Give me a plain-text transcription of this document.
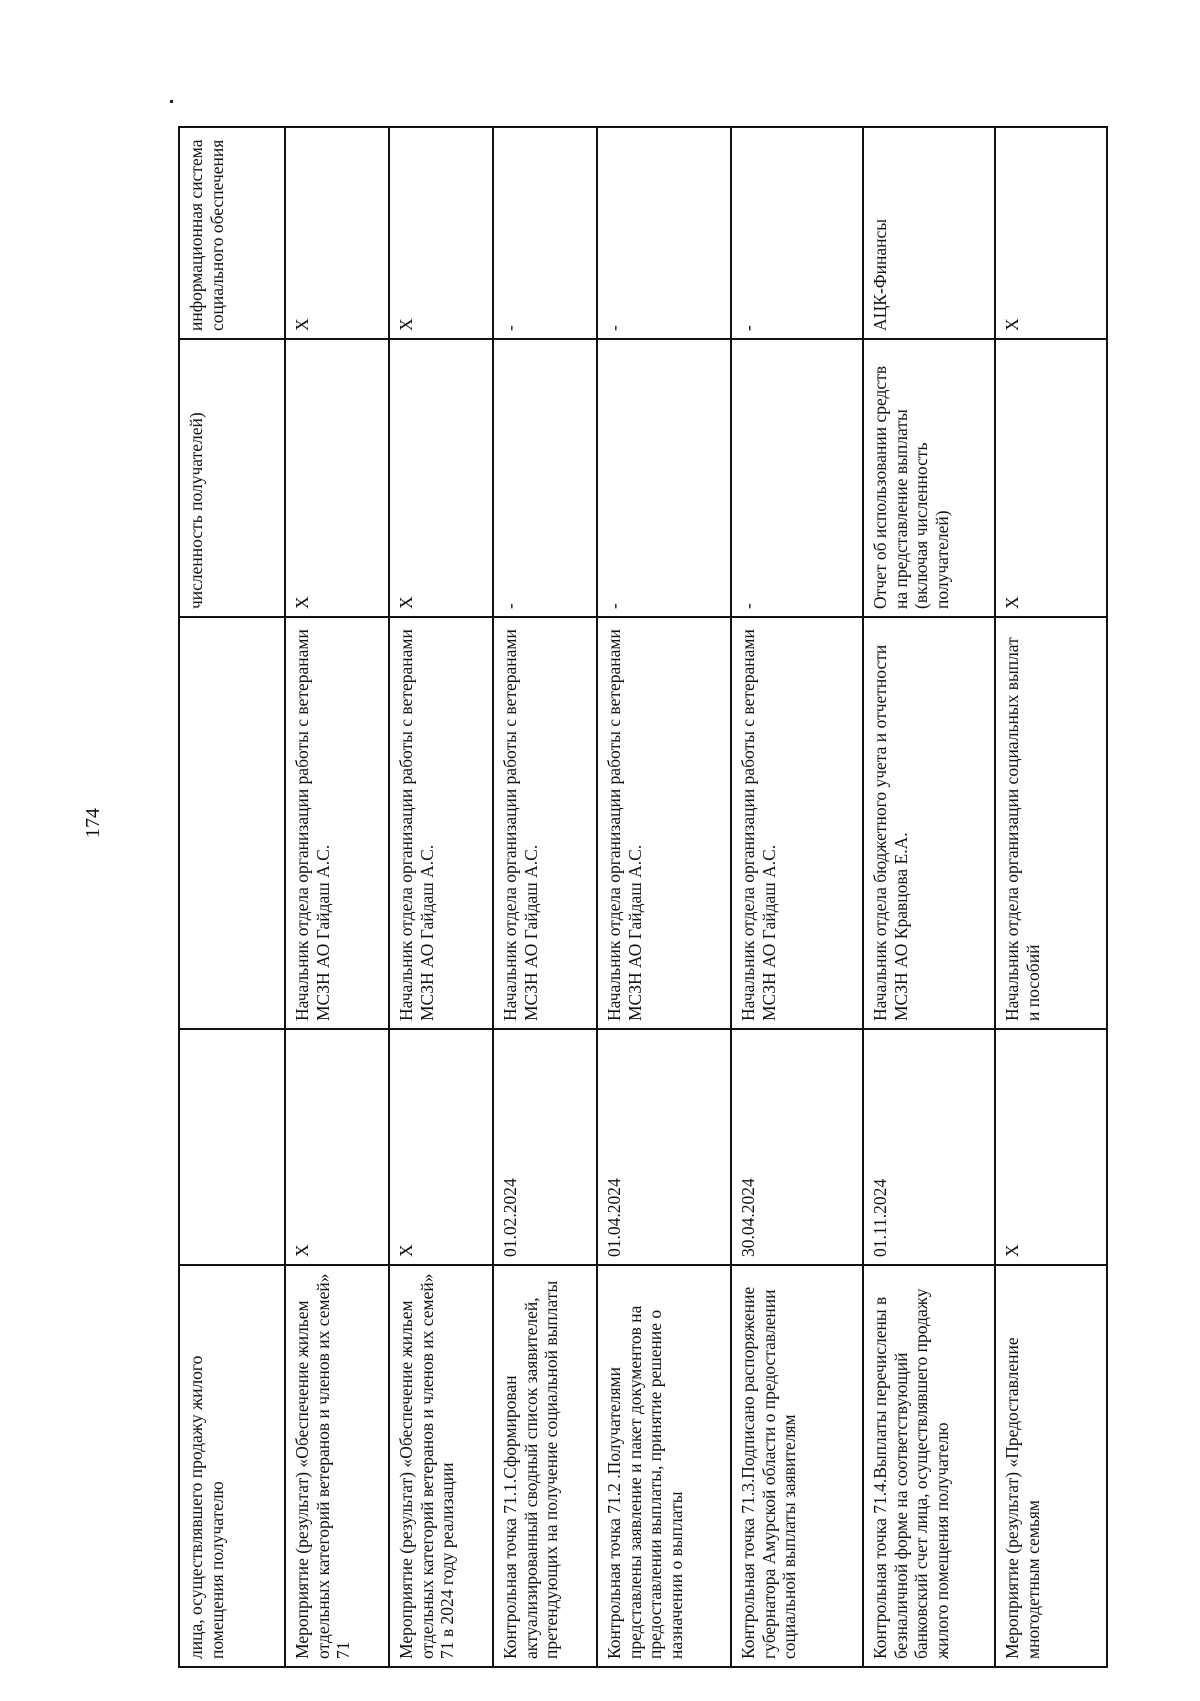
174
лица, осуществлявшего продажу жилого помещения получателю			численность получателей)	информационная система социального обеспечения
Мероприятие (результат) «Обеспечение жильем отдельных категорий ветеранов и членов их семей» 71	X	Начальник отдела организации работы с ветеранами МСЗН АО Гайдаш А.С.	X	X
Мероприятие (результат) «Обеспечение жильем отдельных категорий ветеранов и членов их семей» 71 в 2024 году реализации	X	Начальник отдела организации работы с ветеранами МСЗН АО Гайдаш А.С.	X	X
Контрольная точка 71.1.Сформирован актуализированный сводный список заявителей, претендующих на получение социальной выплаты	01.02.2024	Начальник отдела организации работы с ветеранами МСЗН АО Гайдаш А.С.	-	-
Контрольная точка 71.2 .Получателями представлены заявление и пакет документов на предоставлении выплаты, принятие решение о назначении о выплаты	01.04.2024	Начальник отдела организации работы с ветеранами МСЗН АО Гайдаш А.С.	-	-
Контрольная точка 71.3.Подписано распоряжение губернатора Амурской области о предоставлении социальной выплаты заявителям	30.04.2024	Начальник отдела организации работы с ветеранами МСЗН АО Гайдаш А.С.	-	-
Контрольная точка 71.4.Выплаты перечислены в безналичной форме на соответствующий банковский счет лица, осуществлявшего продажу жилого помещения получателю	01.11.2024	Начальник отдела бюджетного учета и отчетности МСЗН АО Кравцова Е.А.	Отчет об использовании средств на представление выплаты (включая численность получателей)	АЦК-Финансы
Мероприятие (результат) «Предоставление многодетным семьям	X	Начальник отдела организации социальных выплат и пособий	X	X
